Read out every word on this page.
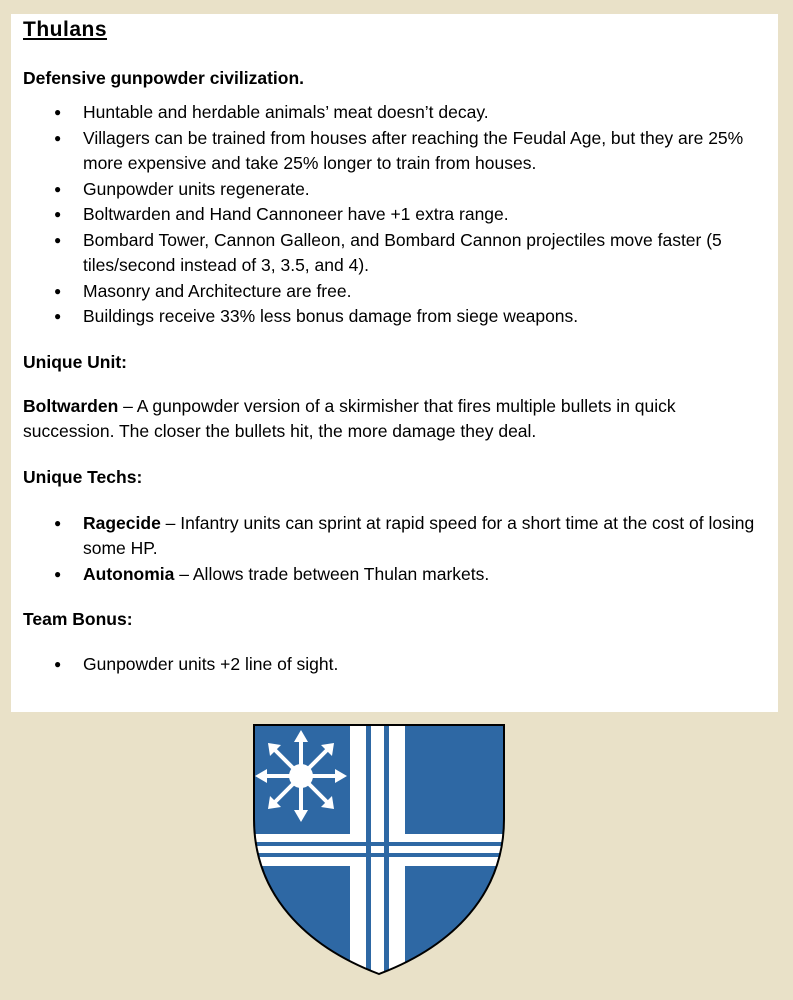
Thulans

Defensive gunpowder civilization.

● Huntable and herdable animals’ meat doesn’t decay.
● Villagers can be trained from houses after reaching the Feudal Age, but they are 25% more expensive and take 25% longer to train from houses.
● Gunpowder units regenerate.
● Boltwarden and Hand Cannoneer have +1 extra range.
● Bombard Tower, Cannon Galleon, and Bombard Cannon projectiles move faster (5 tiles/second instead of 3, 3.5, and 4).
● Masonry and Architecture are free.
● Buildings receive 33% less bonus damage from siege weapons.

Unique Unit:

Boltwarden – A gunpowder version of a skirmisher that fires multiple bullets in quick succession. The closer the bullets hit, the more damage they deal.

Unique Techs:

● Ragecide – Infantry units can sprint at rapid speed for a short time at the cost of losing some HP.
● Autonomia – Allows trade between Thulan markets.

Team Bonus:

● Gunpowder units +2 line of sight.
